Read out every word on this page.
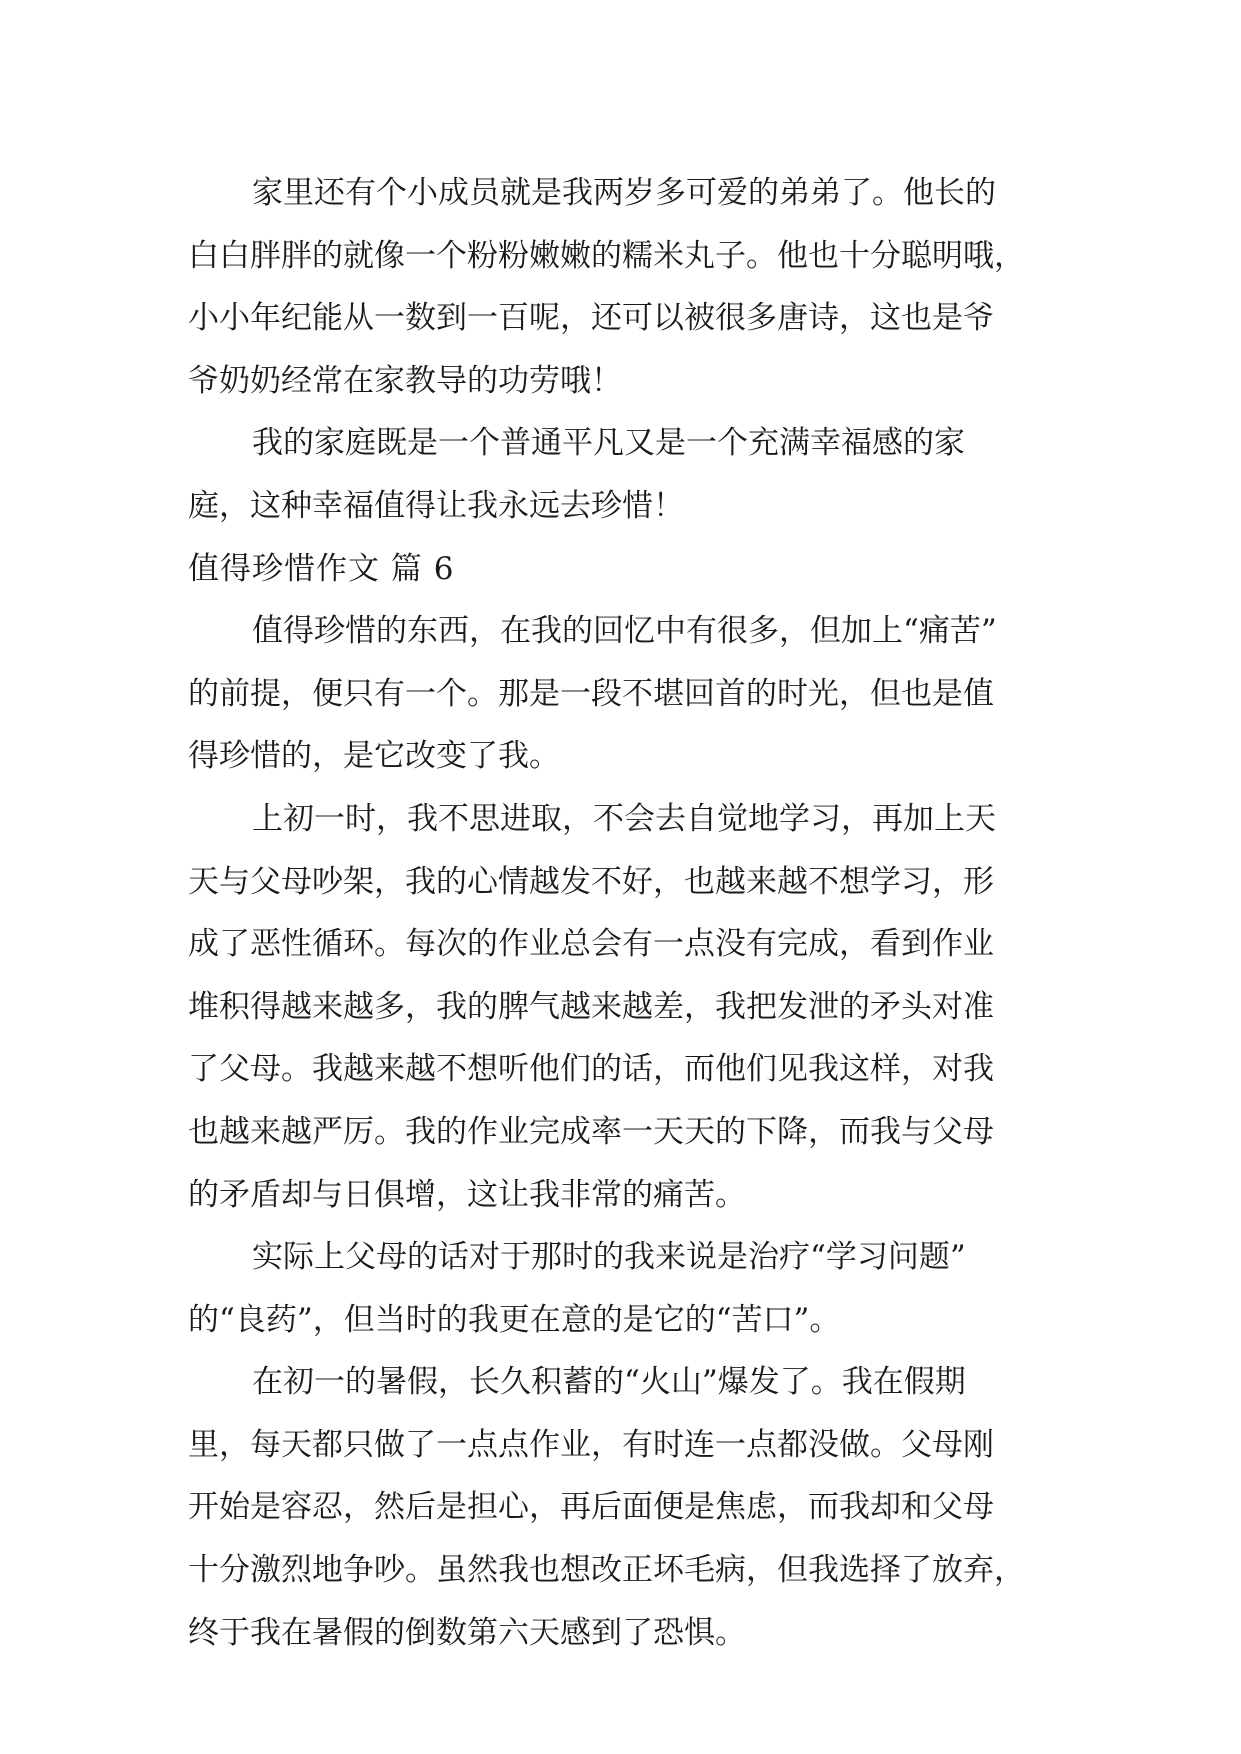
家里还有个小成员就是我两岁多可爱的弟弟了。他长的
白白胖胖的就像一个粉粉嫩嫩的糯米丸子。他也十分聪明哦，
小小年纪能从一数到一百呢，还可以被很多唐诗，这也是爷
爷奶奶经常在家教导的功劳哦！
我的家庭既是一个普通平凡又是一个充满幸福感的家
庭，这种幸福值得让我永远去珍惜！
值得珍惜作文 篇 6
值得珍惜的东西，在我的回忆中有很多，但加上“痛苦”
的前提，便只有一个。那是一段不堪回首的时光，但也是值
得珍惜的，是它改变了我。
上初一时，我不思进取，不会去自觉地学习，再加上天
天与父母吵架，我的心情越发不好，也越来越不想学习，形
成了恶性循环。每次的作业总会有一点没有完成，看到作业
堆积得越来越多，我的脾气越来越差，我把发泄的矛头对准
了父母。我越来越不想听他们的话，而他们见我这样，对我
也越来越严厉。我的作业完成率一天天的下降，而我与父母
的矛盾却与日俱增，这让我非常的痛苦。
实际上父母的话对于那时的我来说是治疗“学习问题”
的“良药”，但当时的我更在意的是它的“苦口”。
在初一的暑假，长久积蓄的“火山”爆发了。我在假期
里，每天都只做了一点点作业，有时连一点都没做。父母刚
开始是容忍，然后是担心，再后面便是焦虑，而我却和父母
十分激烈地争吵。虽然我也想改正坏毛病，但我选择了放弃，
终于我在暑假的倒数第六天感到了恐惧。
